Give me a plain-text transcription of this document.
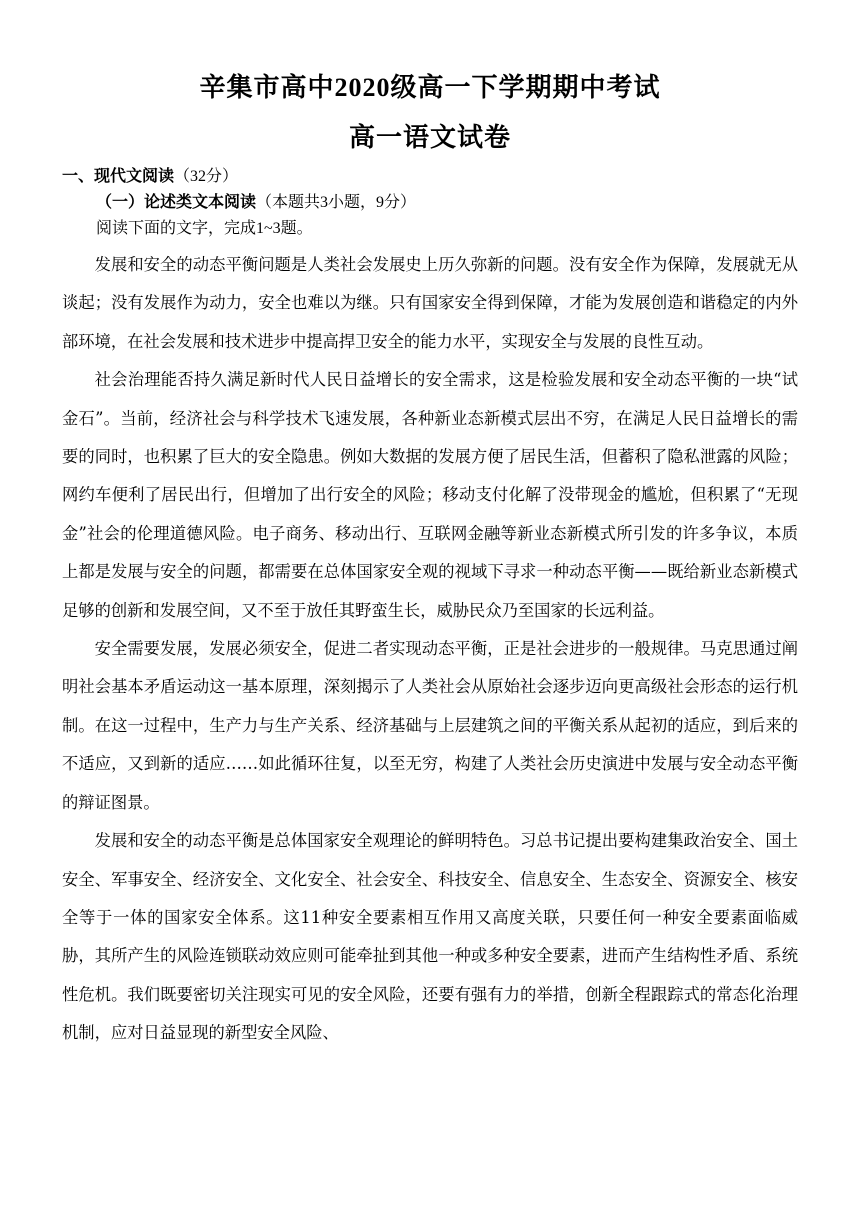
辛集市高中2020级高一下学期期中考试
高一语文试卷
一、现代文阅读（32分）
（一）论述类文本阅读（本题共3小题，9分）
阅读下面的文字，完成1~3题。

发展和安全的动态平衡问题是人类社会发展史上历久弥新的问题。没有安全作为保障，发展就无从谈起；没有发展作为动力，安全也难以为继。只有国家安全得到保障，才能为发展创造和谐稳定的内外部环境，在社会发展和技术进步中提高捍卫安全的能力水平，实现安全与发展的良性互动。

社会治理能否持久满足新时代人民日益增长的安全需求，这是检验发展和安全动态平衡的一块“试金石”。当前，经济社会与科学技术飞速发展，各种新业态新模式层出不穷，在满足人民日益增长的需要的同时，也积累了巨大的安全隐患。例如大数据的发展方便了居民生活，但蓄积了隐私泄露的风险；网约车便利了居民出行，但增加了出行安全的风险；移动支付化解了没带现金的尴尬，但积累了“无现金”社会的伦理道德风险。电子商务、移动出行、互联网金融等新业态新模式所引发的许多争议，本质上都是发展与安全的问题，都需要在总体国家安全观的视域下寻求一种动态平衡——既给新业态新模式足够的创新和发展空间，又不至于放任其野蛮生长，威胁民众乃至国家的长远利益。

安全需要发展，发展必须安全，促进二者实现动态平衡，正是社会进步的一般规律。马克思通过阐明社会基本矛盾运动这一基本原理，深刻揭示了人类社会从原始社会逐步迈向更高级社会形态的运行机制。在这一过程中，生产力与生产关系、经济基础与上层建筑之间的平衡关系从起初的适应，到后来的不适应，又到新的适应……如此循环往复，以至无穷，构建了人类社会历史演进中发展与安全动态平衡的辩证图景。

发展和安全的动态平衡是总体国家安全观理论的鲜明特色。习总书记提出要构建集政治安全、国土安全、军事安全、经济安全、文化安全、社会安全、科技安全、信息安全、生态安全、资源安全、核安全等于一体的国家安全体系。这11种安全要素相互作用又高度关联，只要任何一种安全要素面临威胁，其所产生的风险连锁联动效应则可能牵扯到其他一种或多种安全要素，进而产生结构性矛盾、系统性危机。我们既要密切关注现实可见的安全风险，还要有强有力的举措，创新全程跟踪式的常态化治理机制，应对日益显现的新型安全风险、
